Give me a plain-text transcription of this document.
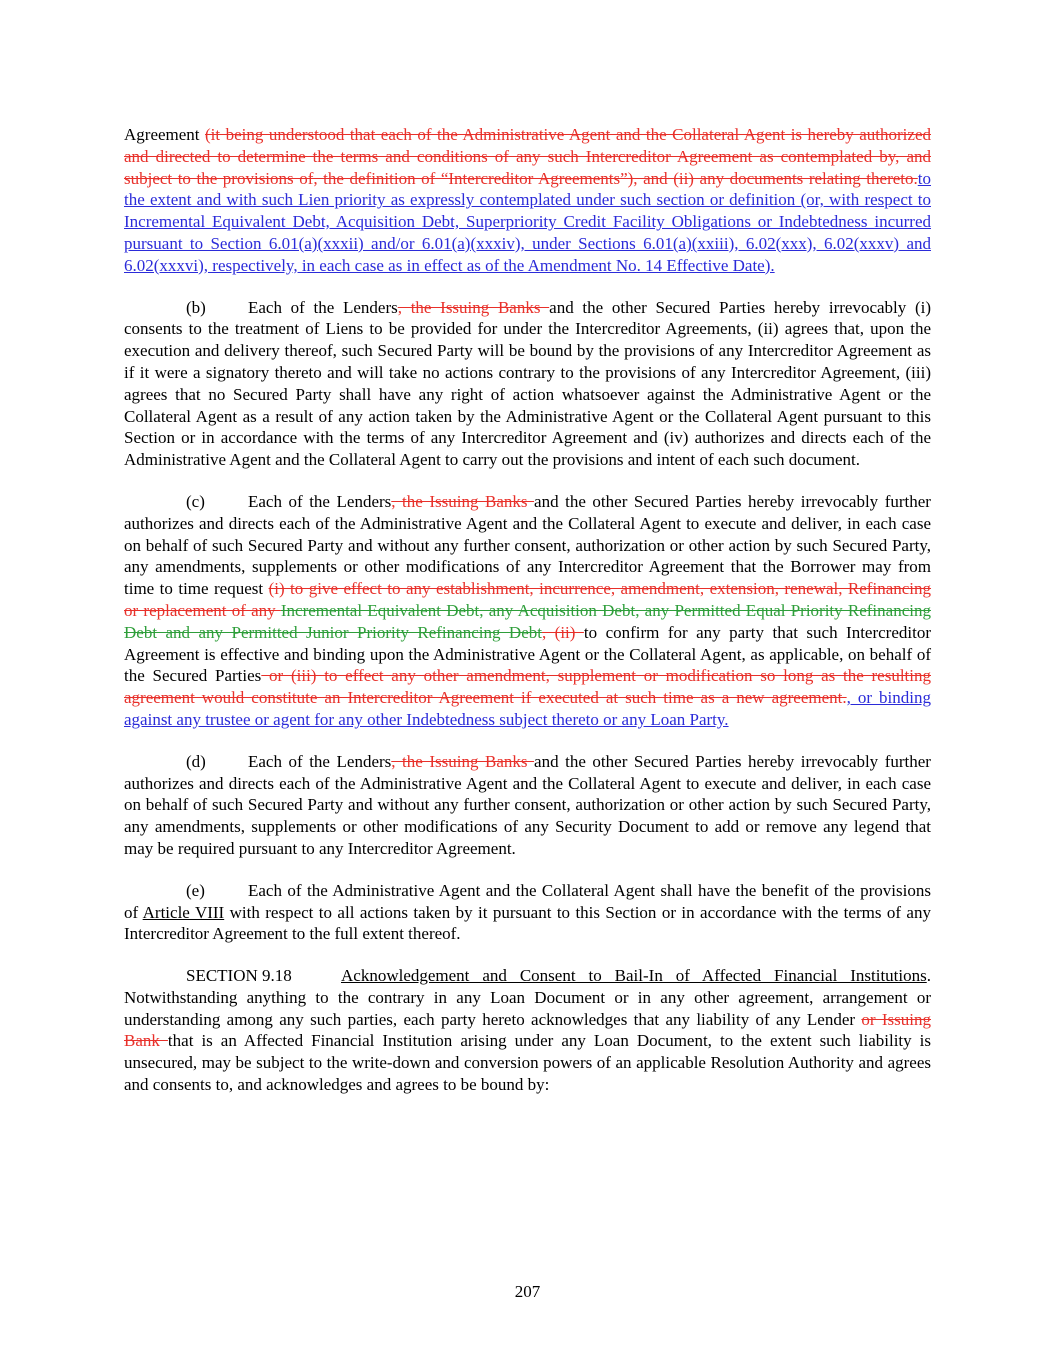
Agreement (it being understood that each of the Administrative Agent and the Collateral Agent is hereby authorized and directed to determine the terms and conditions of any such Intercreditor Agreement as contemplated by, and subject to the provisions of, the definition of “Intercreditor Agreements”), and (ii) any documents relating thereto.to the extent and with such Lien priority as expressly contemplated under such section or definition (or, with respect to Incremental Equivalent Debt, Acquisition Debt, Superpriority Credit Facility Obligations or Indebtedness incurred pursuant to Section 6.01(a)(xxxii) and/or 6.01(a)(xxxiv), under Sections 6.01(a)(xxiii), 6.02(xxx), 6.02(xxxv) and 6.02(xxxvi), respectively, in each case as in effect as of the Amendment No. 14 Effective Date).

(b) Each of the Lenders, the Issuing Banks and the other Secured Parties hereby irrevocably (i) consents to the treatment of Liens to be provided for under the Intercreditor Agreements, (ii) agrees that, upon the execution and delivery thereof, such Secured Party will be bound by the provisions of any Intercreditor Agreement as if it were a signatory thereto and will take no actions contrary to the provisions of any Intercreditor Agreement, (iii) agrees that no Secured Party shall have any right of action whatsoever against the Administrative Agent or the Collateral Agent as a result of any action taken by the Administrative Agent or the Collateral Agent pursuant to this Section or in accordance with the terms of any Intercreditor Agreement and (iv) authorizes and directs each of the Administrative Agent and the Collateral Agent to carry out the provisions and intent of each such document.

(c)	Each of the Lenders, the Issuing Banks and the other Secured Parties hereby irrevocably further authorizes and directs each of the Administrative Agent and the Collateral Agent to execute and deliver, in each case on behalf of such Secured Party and without any further consent, authorization or other action by such Secured Party, any amendments, supplements or other modifications of any Intercreditor Agreement that the Borrower may from time to time request (i) to give effect to any establishment, incurrence, amendment, extension, renewal, Refinancing or replacement of any Incremental Equivalent Debt, any Acquisition Debt, any Permitted Equal Priority Refinancing Debt and any Permitted Junior Priority Refinancing Debt, (ii) to confirm for any party that such Intercreditor Agreement is effective and binding upon the Administrative Agent or the Collateral Agent, as applicable, on behalf of the Secured Parties or (iii) to effect any other amendment, supplement or modification so long as the resulting agreement would constitute an Intercreditor Agreement if executed at such time as a new agreement., or binding against any trustee or agent for any other Indebtedness subject thereto or any Loan Party.

(d) Each of the Lenders, the Issuing Banks and the other Secured Parties hereby irrevocably further authorizes and directs each of the Administrative Agent and the Collateral Agent to execute and deliver, in each case on behalf of such Secured Party and without any further consent, authorization or other action by such Secured Party, any amendments, supplements or other modifications of any Security Document to add or remove any legend that may be required pursuant to any Intercreditor Agreement.

(e)	Each of the Administrative Agent and the Collateral Agent shall have the benefit of the provisions of Article VIII with respect to all actions taken by it pursuant to this Section or in accordance with the terms of any Intercreditor Agreement to the full extent thereof.

SECTION 9.18	Acknowledgement and Consent to Bail-In of Affected Financial Institutions. Notwithstanding anything to the contrary in any Loan Document or in any other agreement, arrangement or understanding among any such parties, each party hereto acknowledges that any liability of any Lender or Issuing Bank that is an Affected Financial Institution arising under any Loan Document, to the extent such liability is unsecured, may be subject to the write-down and conversion powers of an applicable Resolution Authority and agrees and consents to, and acknowledges and agrees to be bound by:

207
